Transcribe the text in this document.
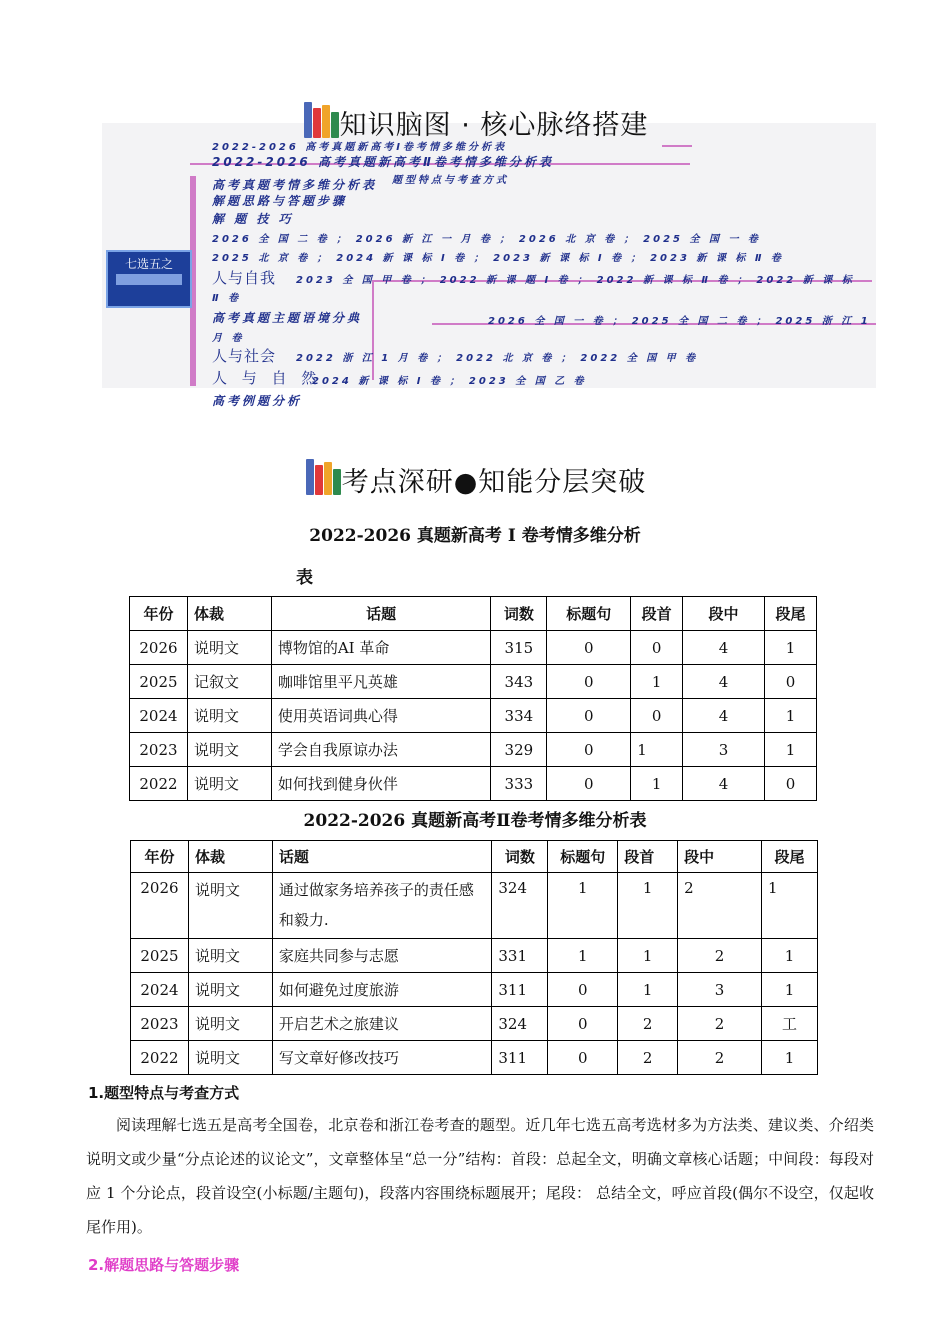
七选五之
2022-2026 高考真题新高考I卷考情多维分析表
2022-2026 高考真题新高考Ⅱ卷考情多维分析表
题型特点与考查方式
高考真题考情多维分析表
解题思路与答题步骤
解 题 技 巧
2026 全 国 二 卷 ； 2026 新 江 一 月 卷 ； 2026 北 京 卷 ； 2025 全 国 一 卷
2025 北 京 卷 ； 2024 新 课 标 I 卷 ； 2023 新 课 标 I 卷 ； 2023 新 课 标 Ⅱ 卷
人与自我 2023 全 国 甲 卷 ； 2022 新 课 题 I 卷 ； 2022 新 课 标 Ⅱ 卷 ； 2022 新 课 标
Ⅱ 卷
高考真题主题语境分典	2026 全 国 一 卷 ； 2025 全 国 二 卷 ； 2025 浙 江 1
月 卷
人与社会 2022 浙 江 1 月 卷 ； 2022 北 京 卷 ； 2022 全 国 甲 卷
人 与 自 然
2024 新 课 标 I 卷 ； 2023 全 国 乙 卷
高考例题分析
知识脑图 · 核心脉络搭建
考点深研●知能分层突破
2022-2026 真题新高考 I 卷考情多维分析
表
年份	体裁	话题	词数	标题句	段首	段中	段尾
2026	说明文	博物馆的AI 革命	315	0	0	4	1
2025	记叙文	咖啡馆里平凡英雄	343	0	1	4	0
2024	说明文	使用英语词典心得	334	0	0	4	1
2023	说明文	学会自我原谅办法	329	0	1	3	1
2022	说明文	如何找到健身伙伴	333	0	1	4	0
2022-2026 真题新高考Ⅱ卷考情多维分析表
年份	体裁	话题	词数	标题句	段首	段中	段尾
2026	说明文	通过做家务培养孩子的责任感和毅力.	324	1	1	2	1
2025	说明文	家庭共同参与志愿	331	1	1	2	1
2024	说明文	如何避免过度旅游	311	0	1	3	1
2023	说明文	开启艺术之旅建议	324	0	2	2	工
2022	说明文	写文章好修改技巧	311	0	2	2	1
1.题型特点与考查方式
阅读理解七选五是高考全国卷，北京卷和浙江卷考查的题型。近几年七选五高考选材多为方法类、建议类、介绍类说明文或少量“分点论述的议论文”，文章整体呈“总一分”结构：首段：总起全文，明确文章核心话题；中间段：每段对应 1 个分论点，段首设空(小标题/主题句)，段落内容围绕标题展开；尾段： 总结全文，呼应首段(偶尔不设空，仅起收尾作用)。
2.解题思路与答题步骤
